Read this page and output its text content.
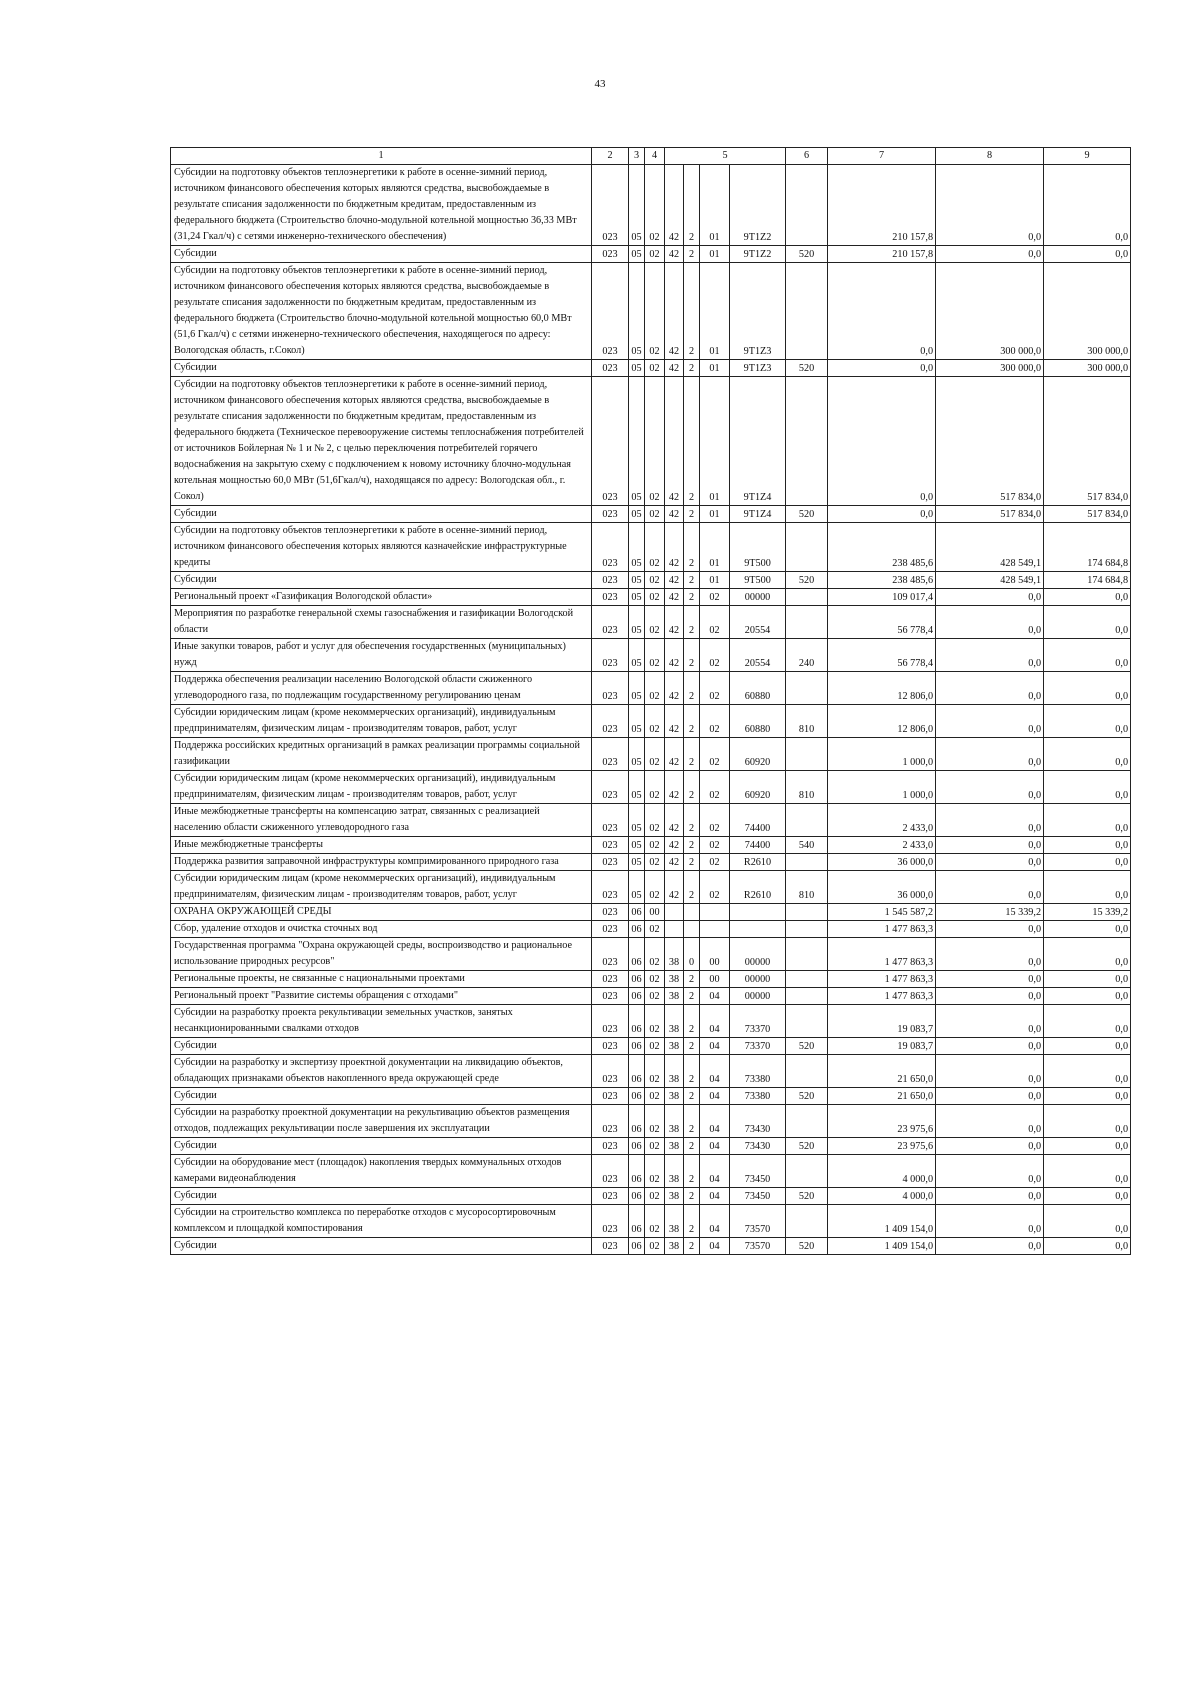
43
1	2	3	4	5				6	7	8	9
Субсидии на подготовку объектов теплоэнергетики к работе в осенне-зимний период, источником финансового обеспечения которых являются средства, высвобождаемые в результате списания задолженности по бюджетным кредитам, предоставленным из федерального бюджета (Строительство блочно-модульной котельной мощностью 36,33 МВт (31,24 Гкал/ч) с сетями инженерно-технического обеспечения)	023	05	02	42	2	01	9Т1Z2		210 157,8	0,0	0,0
Субсидии	023	05	02	42	2	01	9Т1Z2	520	210 157,8	0,0	0,0
Субсидии на подготовку объектов теплоэнергетики к работе в осенне-зимний период, источником финансового обеспечения которых являются средства, высвобождаемые в результате списания задолженности по бюджетным кредитам, предоставленным из федерального бюджета (Строительство блочно-модульной котельной мощностью 60,0 МВт (51,6 Гкал/ч) с сетями инженерно-технического обеспечения, находящегося по адресу: Вологодская область, г.Сокол)	023	05	02	42	2	01	9Т1Z3		0,0	300 000,0	300 000,0
Субсидии	023	05	02	42	2	01	9Т1Z3	520	0,0	300 000,0	300 000,0
Субсидии на подготовку объектов теплоэнергетики к работе в осенне-зимний период, источником финансового обеспечения которых являются средства, высвобождаемые в результате списания задолженности по бюджетным кредитам, предоставленным из федерального бюджета (Техническое перевооружение системы теплоснабжения потребителей от источников Бойлерная № 1 и № 2, с целью переключения потребителей горячего водоснабжения на закрытую схему с подключением к новому источнику блочно-модульная котельная мощностью 60,0 МВт (51,6Гкал/ч), находящаяся по адресу: Вологодская обл., г. Сокол)	023	05	02	42	2	01	9Т1Z4		0,0	517 834,0	517 834,0
Субсидии	023	05	02	42	2	01	9Т1Z4	520	0,0	517 834,0	517 834,0
Субсидии на подготовку объектов теплоэнергетики к работе в осенне-зимний период, источником финансового обеспечения которых являются казначейские инфраструктурные кредиты	023	05	02	42	2	01	9Т500		238 485,6	428 549,1	174 684,8
Субсидии	023	05	02	42	2	01	9Т500	520	238 485,6	428 549,1	174 684,8
Региональный проект «Газификация Вологодской области»	023	05	02	42	2	02	00000		109 017,4	0,0	0,0
Мероприятия по разработке генеральной схемы газоснабжения и газификации Вологодской области	023	05	02	42	2	02	20554		56 778,4	0,0	0,0
Иные закупки товаров, работ и услуг для обеспечения государственных (муниципальных) нужд	023	05	02	42	2	02	20554	240	56 778,4	0,0	0,0
Поддержка обеспечения реализации населению Вологодской области сжиженного углеводородного газа, по подлежащим государственному регулированию ценам	023	05	02	42	2	02	60880		12 806,0	0,0	0,0
Субсидии юридическим лицам (кроме некоммерческих организаций), индивидуальным предпринимателям, физическим лицам - производителям товаров, работ, услуг	023	05	02	42	2	02	60880	810	12 806,0	0,0	0,0
Поддержка российских кредитных организаций в рамках реализации программы социальной газификации	023	05	02	42	2	02	60920		1 000,0	0,0	0,0
Субсидии юридическим лицам (кроме некоммерческих организаций), индивидуальным предпринимателям, физическим лицам - производителям товаров, работ, услуг	023	05	02	42	2	02	60920	810	1 000,0	0,0	0,0
Иные межбюджетные трансферты на компенсацию затрат, связанных с реализацией населению области сжиженного углеводородного газа	023	05	02	42	2	02	74400		2 433,0	0,0	0,0
Иные межбюджетные трансферты	023	05	02	42	2	02	74400	540	2 433,0	0,0	0,0
Поддержка развития заправочной инфраструктуры компримированного природного газа	023	05	02	42	2	02	R2610		36 000,0	0,0	0,0
Субсидии юридическим лицам (кроме некоммерческих организаций), индивидуальным предпринимателям, физическим лицам - производителям товаров, работ, услуг	023	05	02	42	2	02	R2610	810	36 000,0	0,0	0,0
ОХРАНА ОКРУЖАЮЩЕЙ СРЕДЫ	023	06	00						1 545 587,2	15 339,2	15 339,2
Сбор, удаление отходов и очистка сточных вод	023	06	02						1 477 863,3	0,0	0,0
Государственная программа "Охрана окружающей среды, воспроизводство и рациональное использование природных ресурсов"	023	06	02	38	0	00	00000		1 477 863,3	0,0	0,0
Региональные проекты, не связанные с национальными проектами	023	06	02	38	2	00	00000		1 477 863,3	0,0	0,0
Региональный проект "Развитие системы обращения с отходами"	023	06	02	38	2	04	00000		1 477 863,3	0,0	0,0
Субсидии на разработку проекта рекультивации земельных участков, занятых несанкционированными свалками отходов	023	06	02	38	2	04	73370		19 083,7	0,0	0,0
Субсидии	023	06	02	38	2	04	73370	520	19 083,7	0,0	0,0
Субсидии на разработку и экспертизу проектной документации на ликвидацию объектов, обладающих признаками объектов накопленного вреда окружающей среде	023	06	02	38	2	04	73380		21 650,0	0,0	0,0
Субсидии	023	06	02	38	2	04	73380	520	21 650,0	0,0	0,0
Субсидии на разработку проектной документации на рекультивацию объектов размещения отходов, подлежащих рекультивации после завершения их эксплуатации	023	06	02	38	2	04	73430		23 975,6	0,0	0,0
Субсидии	023	06	02	38	2	04	73430	520	23 975,6	0,0	0,0
Субсидии на оборудование мест (площадок) накопления твердых коммунальных отходов камерами видеонаблюдения	023	06	02	38	2	04	73450		4 000,0	0,0	0,0
Субсидии	023	06	02	38	2	04	73450	520	4 000,0	0,0	0,0
Субсидии на строительство комплекса по переработке отходов с мусоросортировочным комплексом и площадкой компостирования	023	06	02	38	2	04	73570		1 409 154,0	0,0	0,0
Субсидии	023	06	02	38	2	04	73570	520	1 409 154,0	0,0	0,0
